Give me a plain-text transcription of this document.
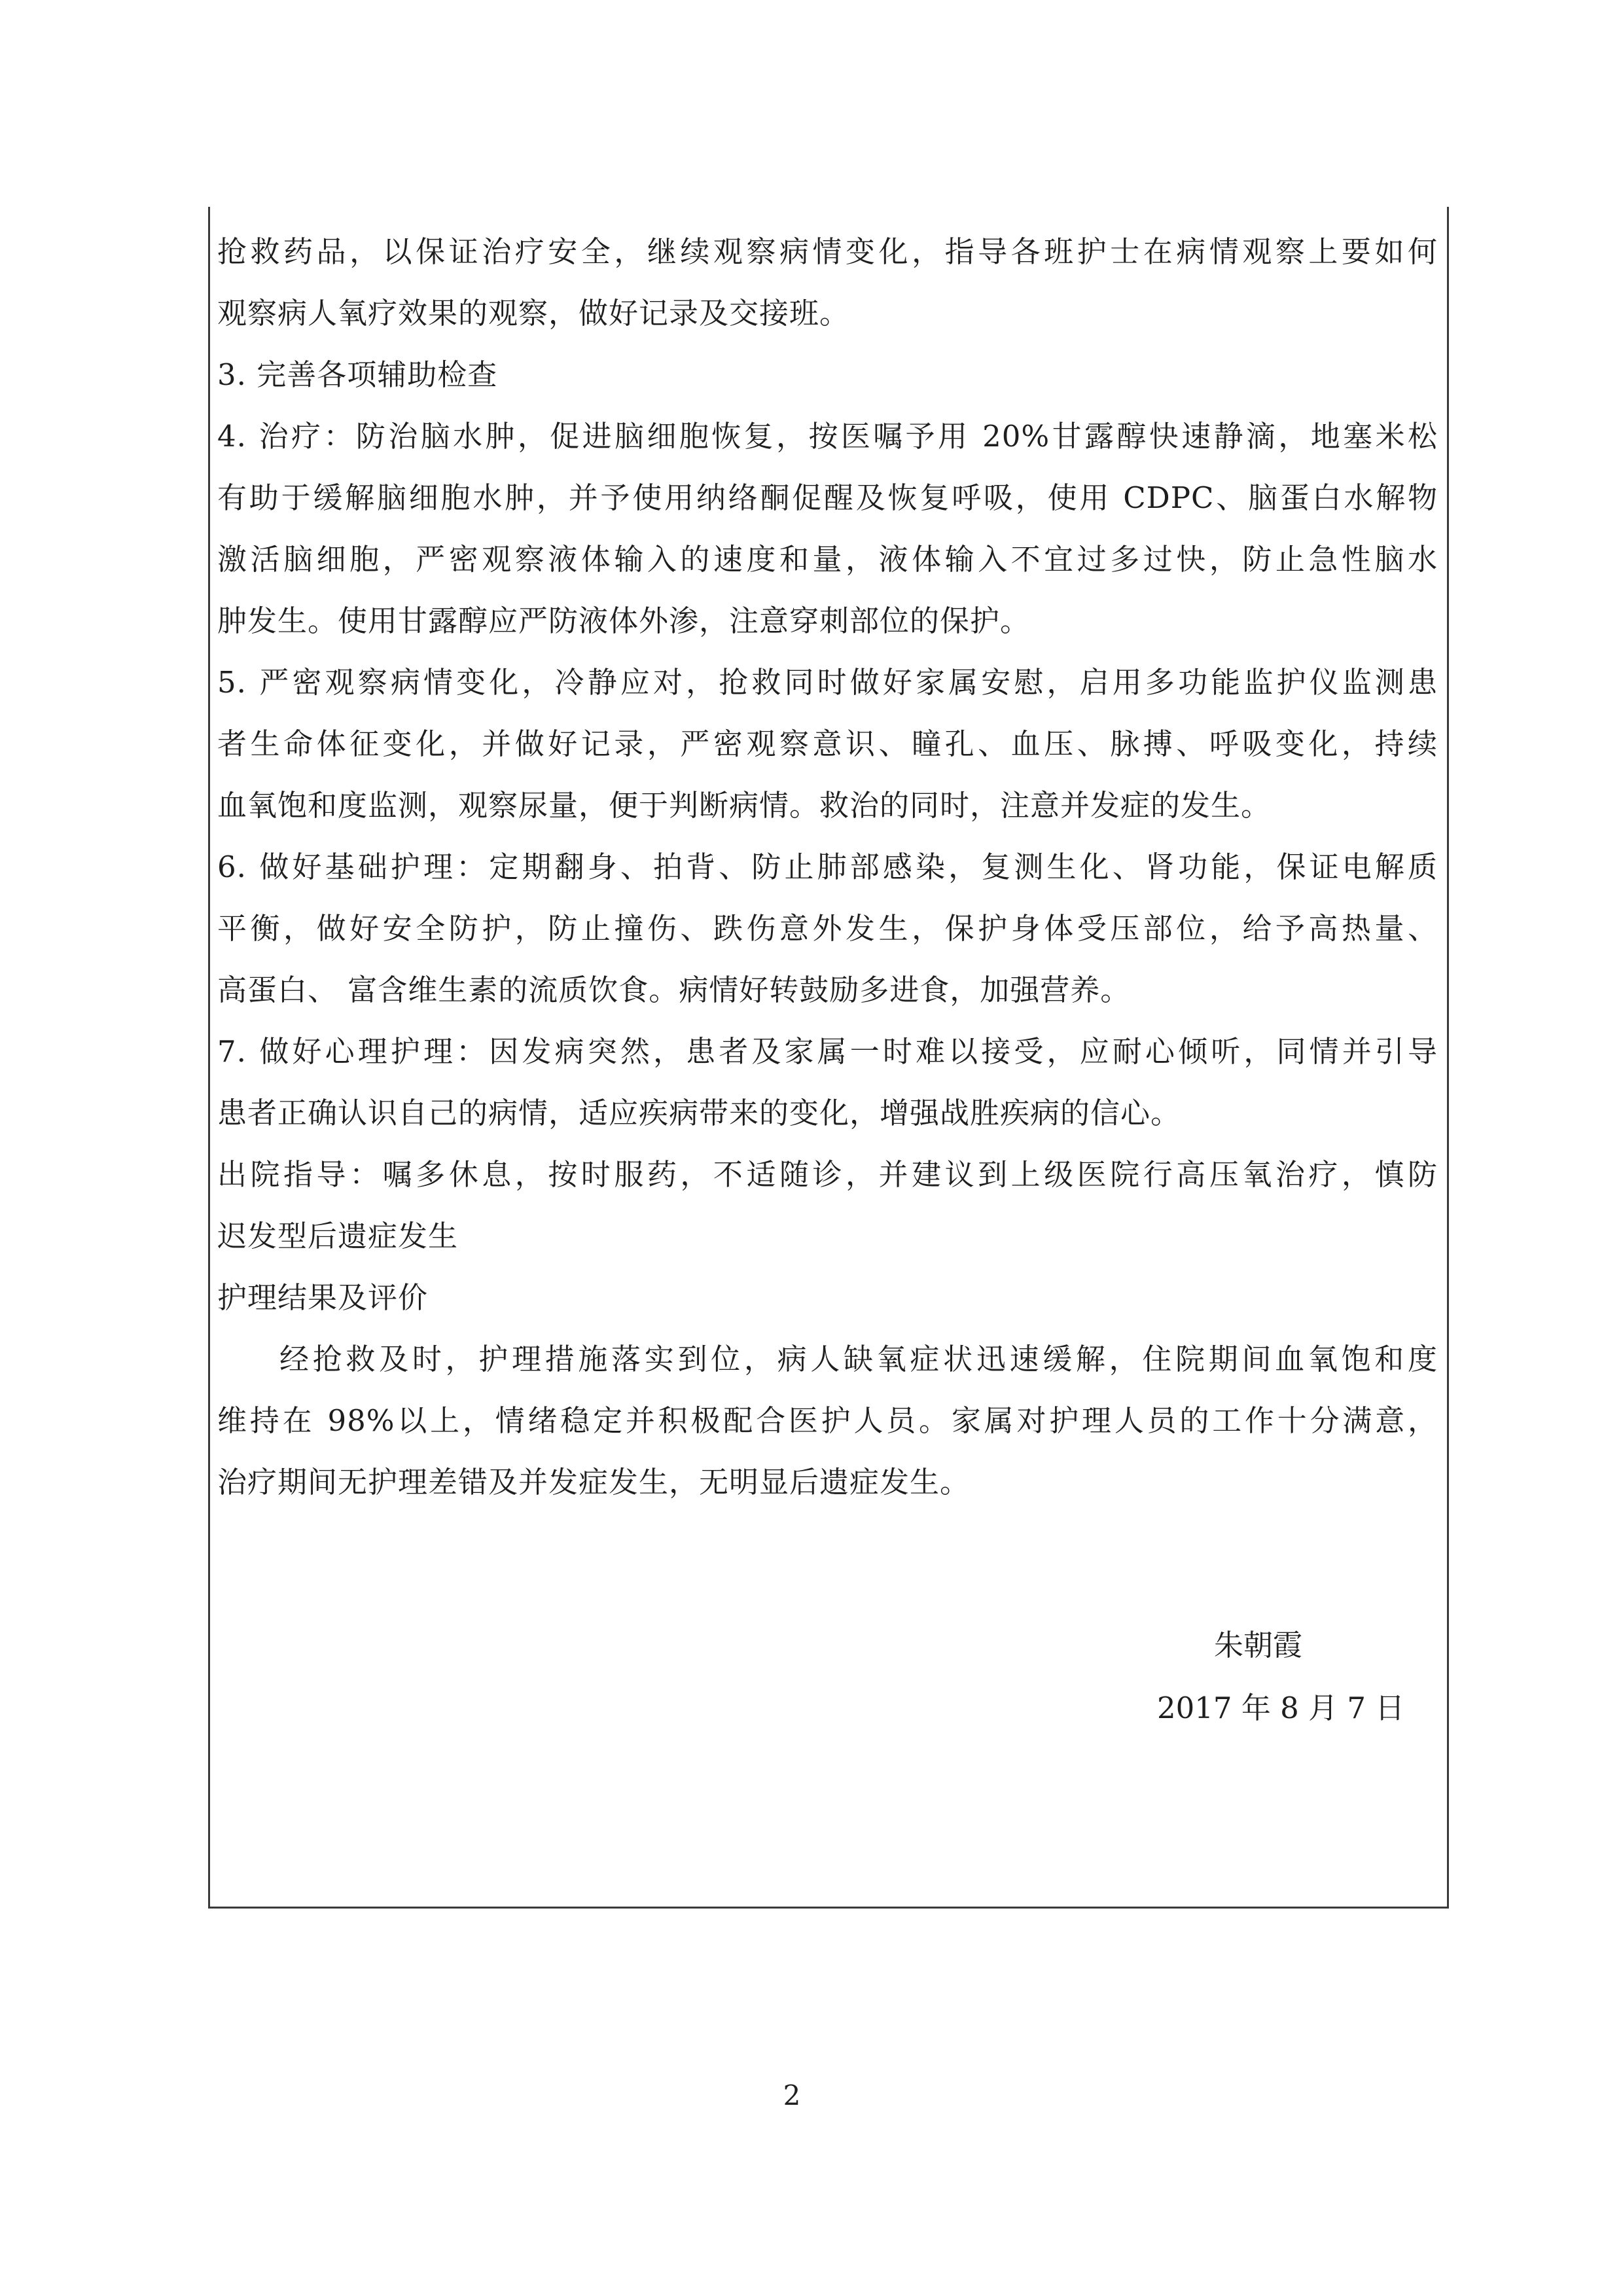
抢救药品，以保证治疗安全，继续观察病情变化，指导各班护士在病情观察上要如何
观察病人氧疗效果的观察，做好记录及交接班。
3. 完善各项辅助检查
4. 治疗：防治脑水肿，促进脑细胞恢复，按医嘱予用 20%甘露醇快速静滴，地塞米松
有助于缓解脑细胞水肿，并予使用纳络酮促醒及恢复呼吸，使用 CDPC、脑蛋白水解物
激活脑细胞，严密观察液体输入的速度和量，液体输入不宜过多过快，防止急性脑水
肿发生。使用甘露醇应严防液体外渗，注意穿刺部位的保护。
5. 严密观察病情变化，冷静应对，抢救同时做好家属安慰，启用多功能监护仪监测患
者生命体征变化，并做好记录，严密观察意识、瞳孔、血压、脉搏、呼吸变化，持续
血氧饱和度监测，观察尿量，便于判断病情。救治的同时，注意并发症的发生。
6. 做好基础护理：定期翻身、拍背、防止肺部感染，复测生化、肾功能，保证电解质
平衡，做好安全防护，防止撞伤、跌伤意外发生，保护身体受压部位，给予高热量、
高蛋白、 富含维生素的流质饮食。病情好转鼓励多进食，加强营养。
7. 做好心理护理：因发病突然，患者及家属一时难以接受，应耐心倾听，同情并引导
患者正确认识自己的病情，适应疾病带来的变化，增强战胜疾病的信心。
出院指导：嘱多休息，按时服药，不适随诊，并建议到上级医院行高压氧治疗，慎防
迟发型后遗症发生
护理结果及评价
经抢救及时，护理措施落实到位，病人缺氧症状迅速缓解，住院期间血氧饱和度
维持在 98%以上，情绪稳定并积极配合医护人员。家属对护理人员的工作十分满意，
治疗期间无护理差错及并发症发生，无明显后遗症发生。
朱朝霞
2017 年 8 月 7 日
2
